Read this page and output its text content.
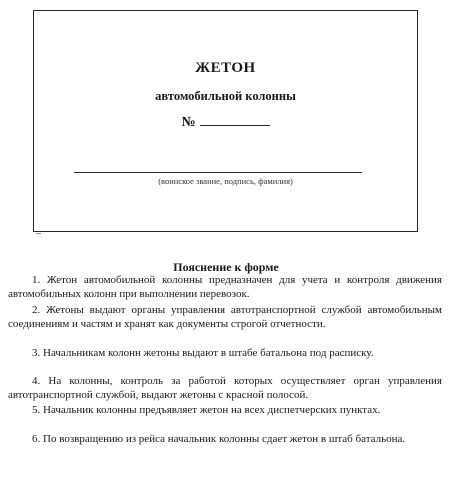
ЖЕТОН
автомобильной колонны
№
(воинское звание, подпись, фамилия)
Пояснение к форме

1. Жетон автомобильной колонны предназначен для учета и контроля движения автомобильных колонн при выполнении перевозок.

2. Жетоны выдают органы управления автотранспортной службой автомобильным соединениям и частям и хранят как документы строгой отчетности.

3. Начальникам колонн жетоны выдают в штабе батальона под расписку.

4. На колонны, контроль за работой которых осуществляет орган управления автотранспортной службой, выдают жетоны с красной полосой.

5. Начальник колонны предъявляет жетон на всех диспетчерских пунктах.

6. По возвращению из рейса начальник колонны сдает жетон в штаб батальона.
